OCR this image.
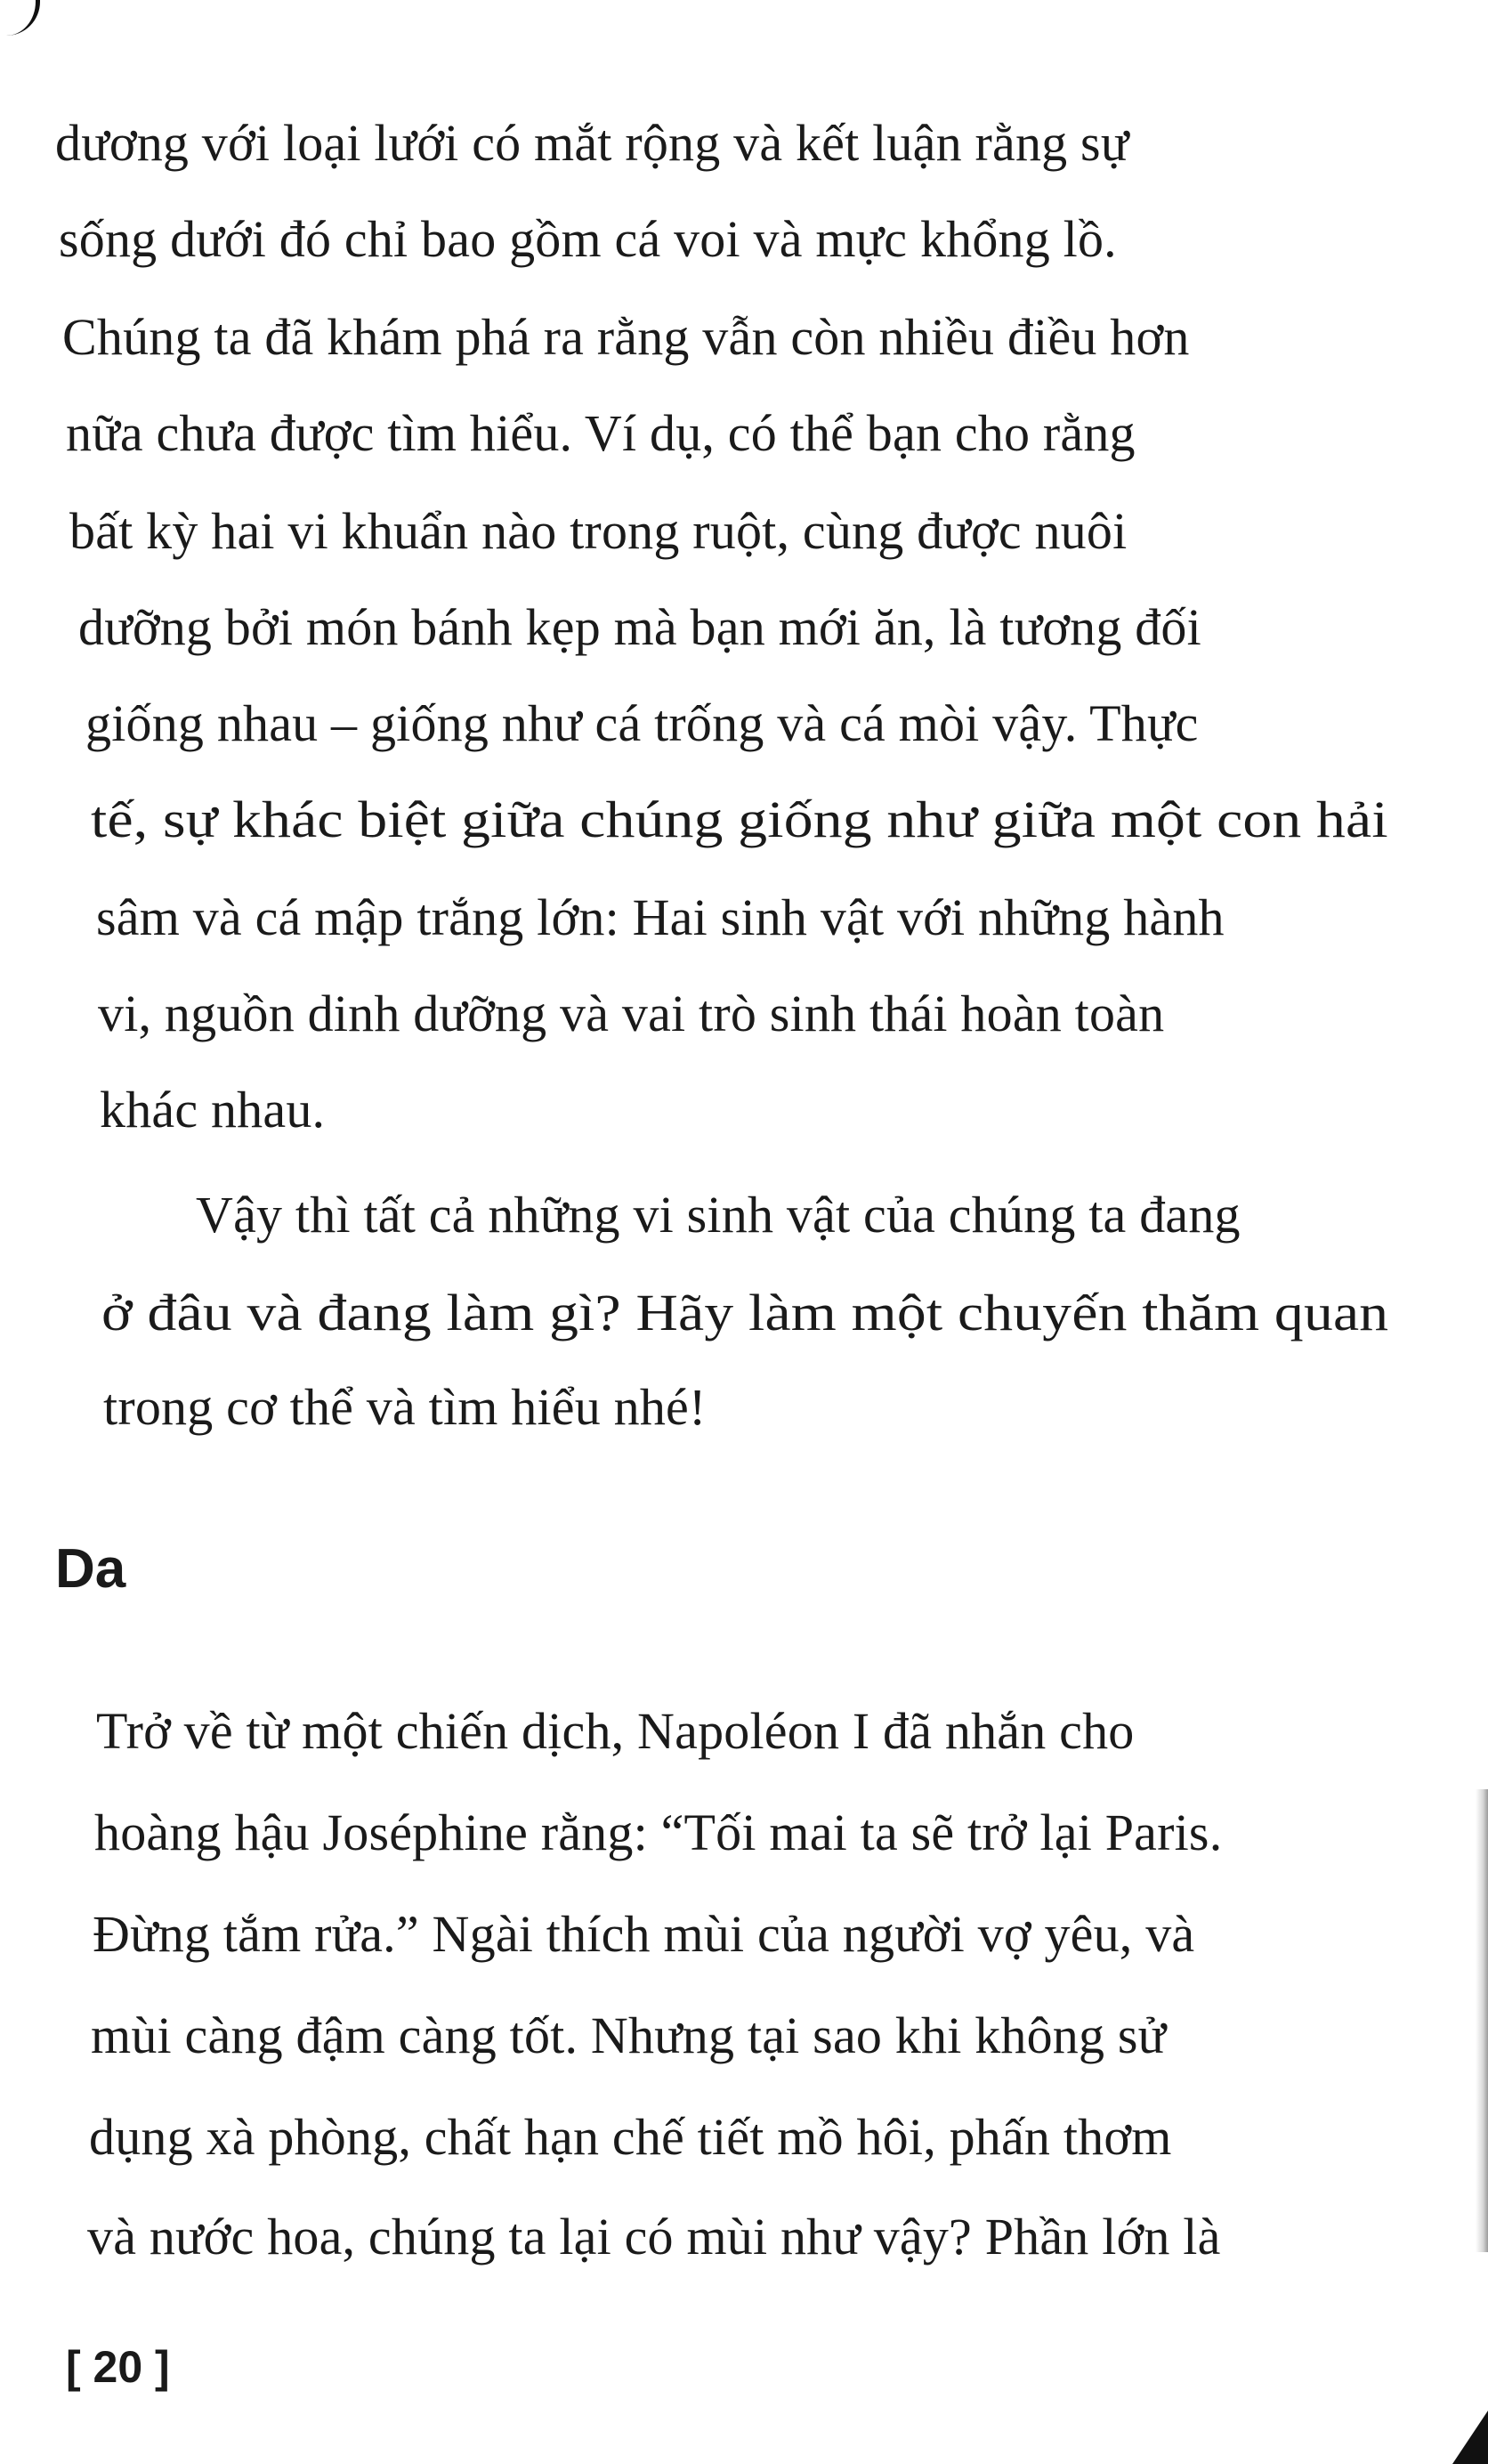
dương với loại lưới có mắt rộng và kết luận rằng sự
sống dưới đó chỉ bao gồm cá voi và mực khổng lồ.
Chúng ta đã khám phá ra rằng vẫn còn nhiều điều hơn
nữa chưa được tìm hiểu. Ví dụ, có thể bạn cho rằng
bất kỳ hai vi khuẩn nào trong ruột, cùng được nuôi
dưỡng bởi món bánh kẹp mà bạn mới ăn, là tương đối
giống nhau – giống như cá trống và cá mòi vậy. Thực
tế, sự khác biệt giữa chúng giống như giữa một con hải
sâm và cá mập trắng lớn: Hai sinh vật với những hành
vi, nguồn dinh dưỡng và vai trò sinh thái hoàn toàn
khác nhau.
Vậy thì tất cả những vi sinh vật của chúng ta đang
ở đâu và đang làm gì? Hãy làm một chuyến thăm quan
trong cơ thể và tìm hiểu nhé!
Da
Trở về từ một chiến dịch, Napoléon I đã nhắn cho
hoàng hậu Joséphine rằng: “Tối mai ta sẽ trở lại Paris.
Đừng tắm rửa.” Ngài thích mùi của người vợ yêu, và
mùi càng đậm càng tốt. Nhưng tại sao khi không sử
dụng xà phòng, chất hạn chế tiết mồ hôi, phấn thơm
và nước hoa, chúng ta lại có mùi như vậy? Phần lớn là
[ 20 ]
